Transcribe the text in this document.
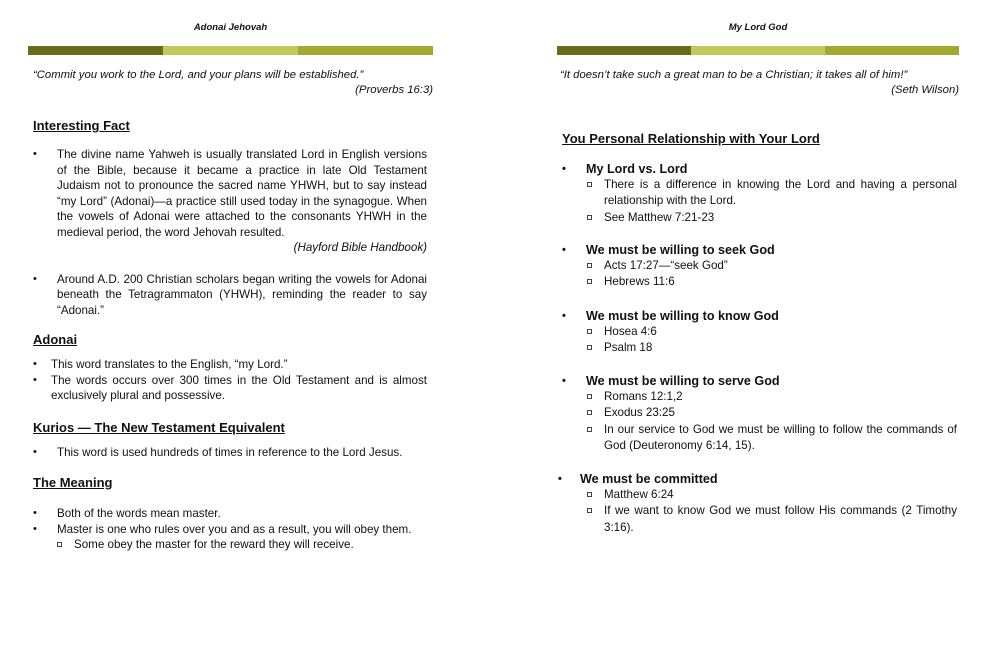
Adonai Jehovah
“Commit you work to the Lord, and your plans will be established.”
(Proverbs 16:3)
Interesting Fact
• The divine name Yahweh is usually translated Lord in English versions of the Bible, because it became a practice in late Old Testament Judaism not to pronounce the sacred name YHWH, but to say instead “my Lord” (Adonai)—a practice still used today in the synagogue. When the vowels of Adonai were attached to the consonants YHWH in the medieval period, the word Jehovah resulted.
(Hayford Bible Handbook)
• Around A.D. 200 Christian scholars began writing the vowels for Adonai beneath the Tetragrammaton (YHWH), reminding the reader to say “Adonai.”
Adonai
• This word translates to the English, “my Lord.”
• The words occurs over 300 times in the Old Testament and is almost exclusively plural and possessive.
Kurios — The New Testament Equivalent
• This word is used hundreds of times in reference to the Lord Jesus.
The Meaning
• Both of the words mean master.
• Master is one who rules over you and as a result, you will obey them.
Some obey the master for the reward they will receive.
My Lord God
“It doesn’t take such a great man to be a Christian; it takes all of him!”
(Seth Wilson)
You Personal Relationship with Your Lord
• My Lord vs. Lord
There is a difference in knowing the Lord and having a personal relationship with the Lord.
See Matthew 7:21-23
• We must be willing to seek God
Acts 17:27—“seek God”
Hebrews 11:6
• We must be willing to know God
Hosea 4:6
Psalm 18
• We must be willing to serve God
Romans 12:1,2
Exodus 23:25
In our service to God we must be willing to follow the commands of God (Deuteronomy 6:14, 15).
• We must be committed
Matthew 6:24
If we want to know God we must follow His commands (2 Timothy 3:16).
